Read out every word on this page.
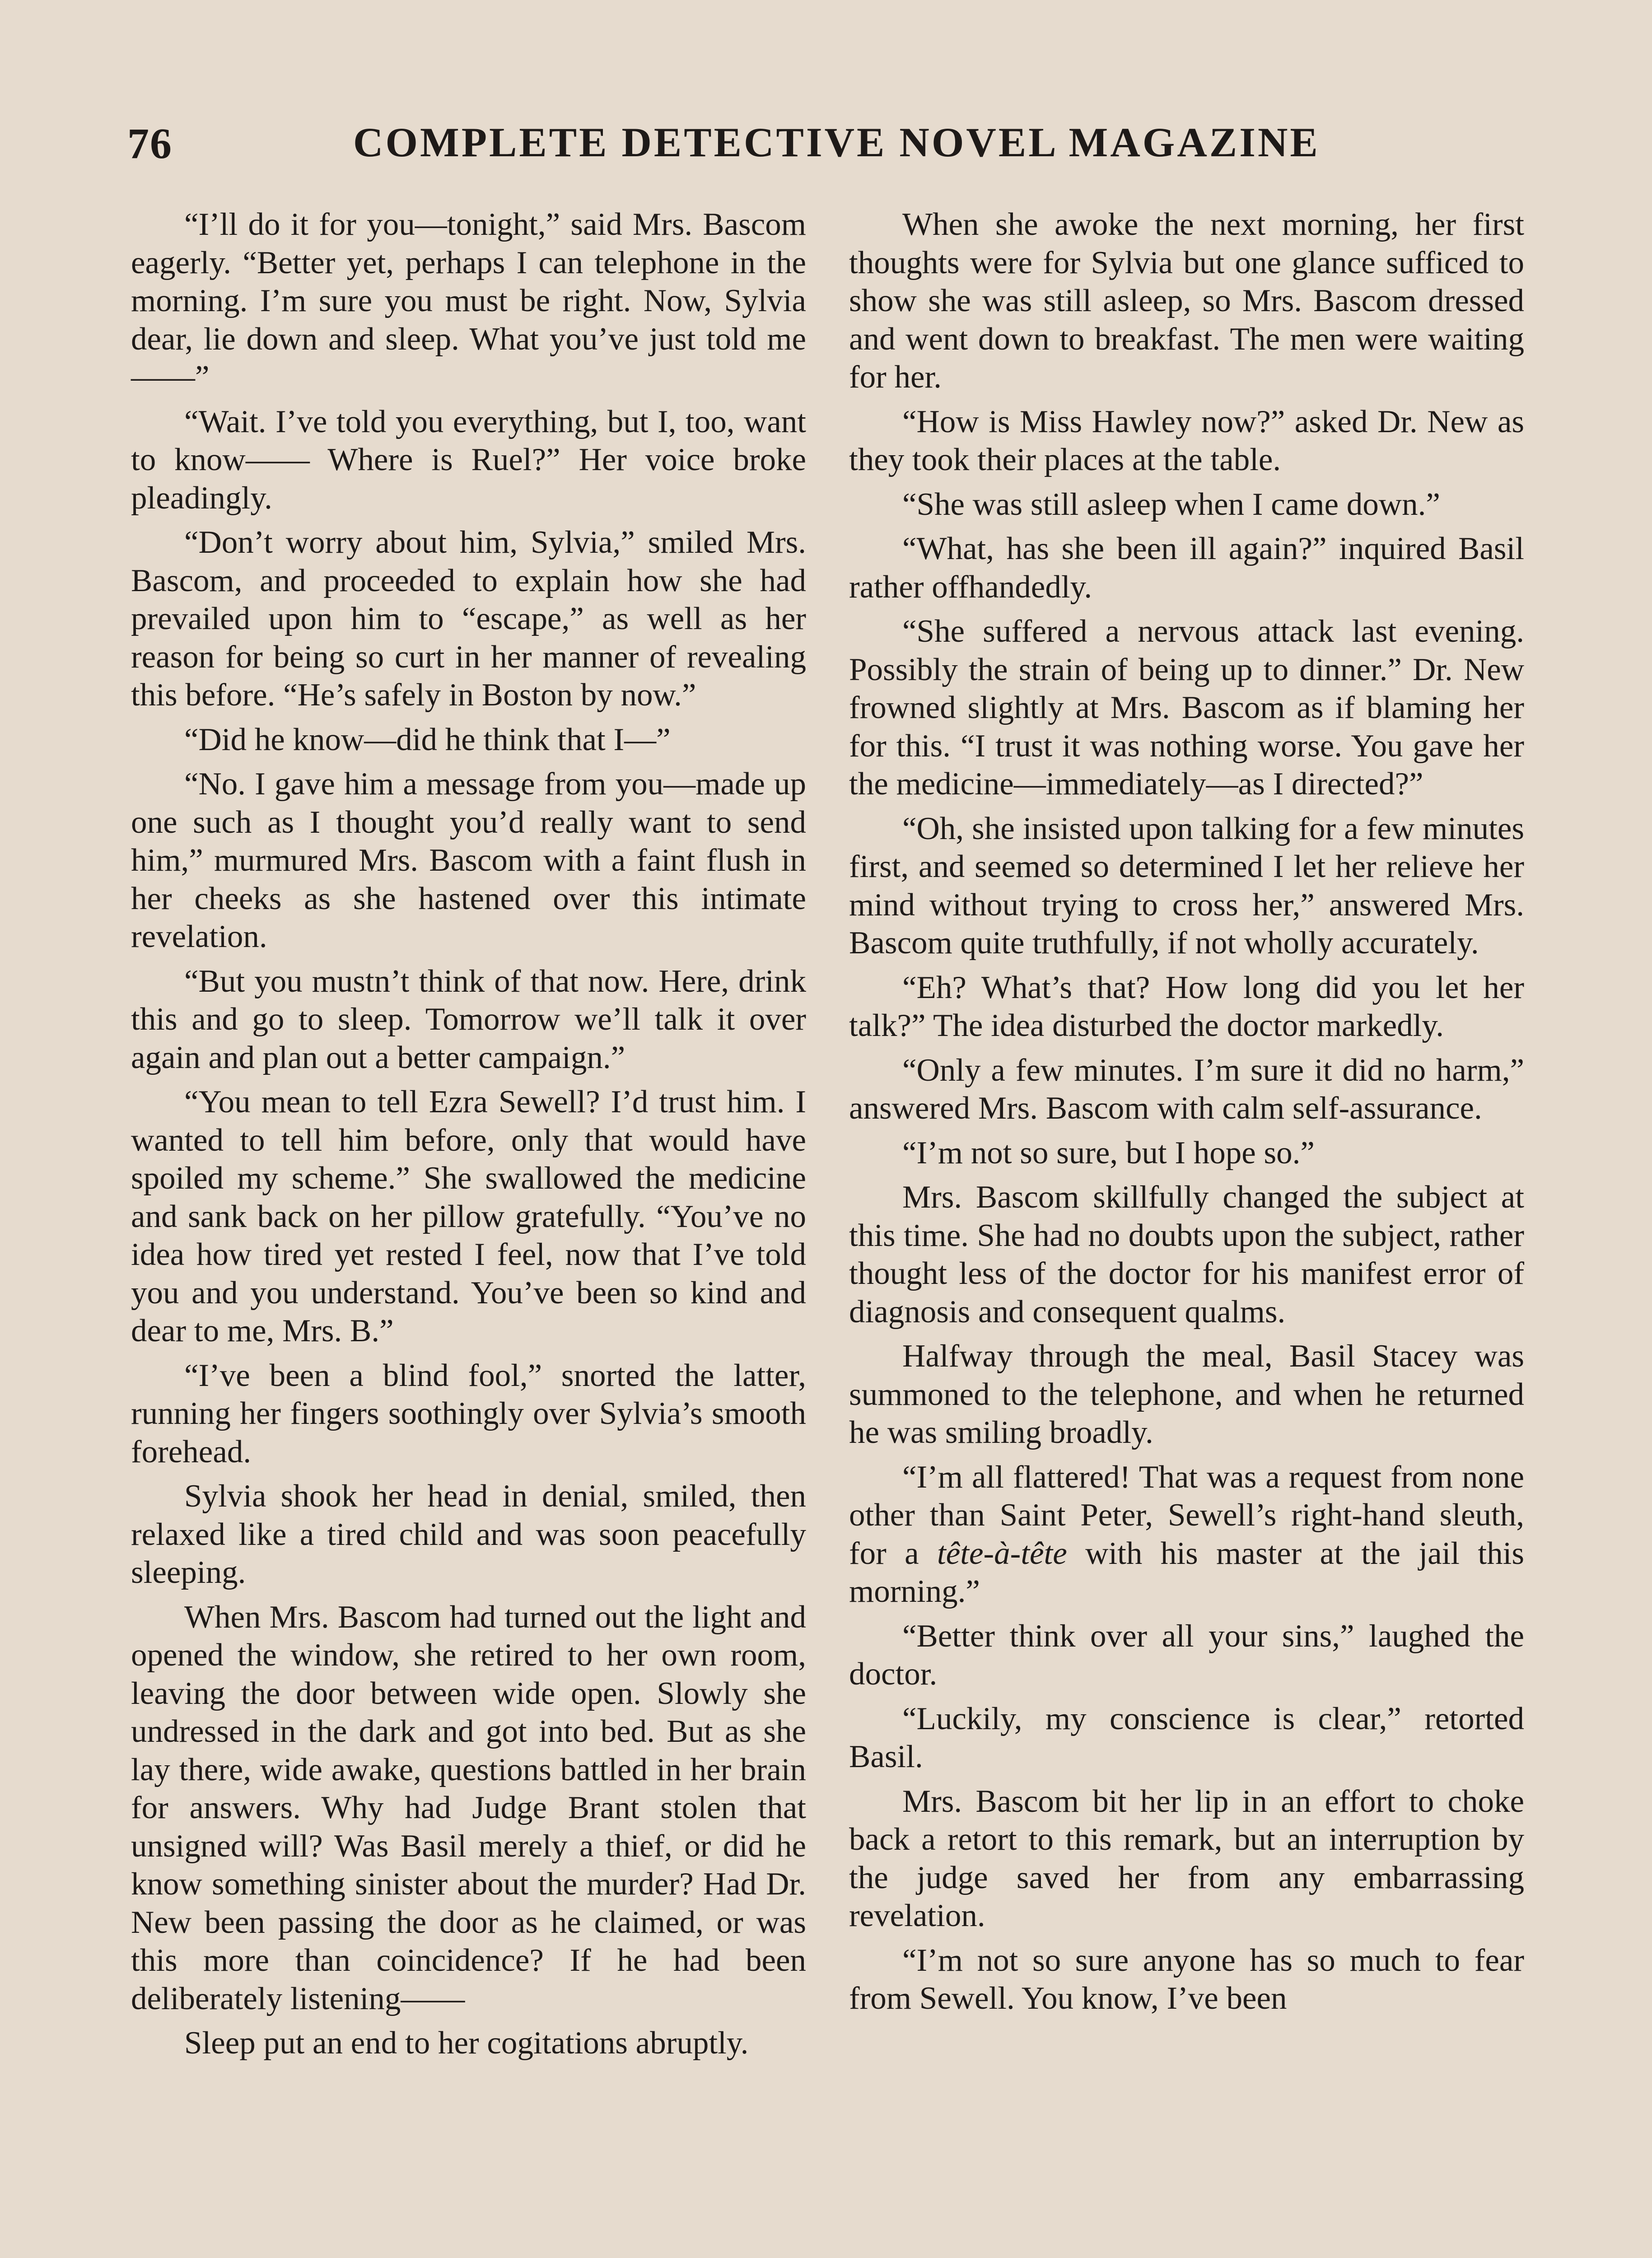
76	COMPLETE DETECTIVE NOVEL MAGAZINE

“I’ll do it for you—tonight,” said Mrs. Bascom eagerly. “Better yet, perhaps I can telephone in the morning. I’m sure you must be right. Now, Sylvia dear, lie down and sleep. What you’ve just told me——”

“Wait. I’ve told you everything, but I, too, want to know—— Where is Ruel?” Her voice broke pleadingly.

“Don’t worry about him, Sylvia,” smiled Mrs. Bascom, and proceeded to explain how she had prevailed upon him to “escape,” as well as her reason for being so curt in her manner of revealing this before. “He’s safely in Boston by now.”

“Did he know—did he think that I—”

“No. I gave him a message from you—made up one such as I thought you’d really want to send him,” murmured Mrs. Bascom with a faint flush in her cheeks as she hastened over this intimate revelation.

“But you mustn’t think of that now. Here, drink this and go to sleep. Tomorrow we’ll talk it over again and plan out a better campaign.”

“You mean to tell Ezra Sewell? I’d trust him. I wanted to tell him before, only that would have spoiled my scheme.” She swallowed the medicine and sank back on her pillow gratefully. “You’ve no idea how tired yet rested I feel, now that I’ve told you and you understand. You’ve been so kind and dear to me, Mrs. B.”

“I’ve been a blind fool,” snorted the latter, running her fingers soothingly over Sylvia’s smooth forehead.

Sylvia shook her head in denial, smiled, then relaxed like a tired child and was soon peacefully sleeping.

When Mrs. Bascom had turned out the light and opened the window, she retired to her own room, leaving the door between wide open. Slowly she undressed in the dark and got into bed. But as she lay there, wide awake, questions battled in her brain for answers. Why had Judge Brant stolen that unsigned will? Was Basil merely a thief, or did he know something sinister about the murder? Had Dr. New been passing the door as he claimed, or was this more than coincidence? If he had been deliberately listening——

Sleep put an end to her cogitations abruptly.

When she awoke the next morning, her first thoughts were for Sylvia but one glance sufficed to show she was still asleep, so Mrs. Bascom dressed and went down to breakfast. The men were waiting for her.

“How is Miss Hawley now?” asked Dr. New as they took their places at the table.

“She was still asleep when I came down.”

“What, has she been ill again?” inquired Basil rather offhandedly.

“She suffered a nervous attack last evening. Possibly the strain of being up to dinner.” Dr. New frowned slightly at Mrs. Bascom as if blaming her for this. “I trust it was nothing worse. You gave her the medicine—immediately—as I directed?”

“Oh, she insisted upon talking for a few minutes first, and seemed so determined I let her relieve her mind without trying to cross her,” answered Mrs. Bascom quite truthfully, if not wholly accurately.

“Eh? What’s that? How long did you let her talk?” The idea disturbed the doctor markedly.

“Only a few minutes. I’m sure it did no harm,” answered Mrs. Bascom with calm self-assurance.

“I’m not so sure, but I hope so.”

Mrs. Bascom skillfully changed the subject at this time. She had no doubts upon the subject, rather thought less of the doctor for his manifest error of diagnosis and consequent qualms.

Halfway through the meal, Basil Stacey was summoned to the telephone, and when he returned he was smiling broadly.

“I’m all flattered! That was a request from none other than Saint Peter, Sewell’s right-hand sleuth, for a tête-à-tête with his master at the jail this morning.”

“Better think over all your sins,” laughed the doctor.

“Luckily, my conscience is clear,” retorted Basil.

Mrs. Bascom bit her lip in an effort to choke back a retort to this remark, but an interruption by the judge saved her from any embarrassing revelation.

“I’m not so sure anyone has so much to fear from Sewell. You know, I’ve been
